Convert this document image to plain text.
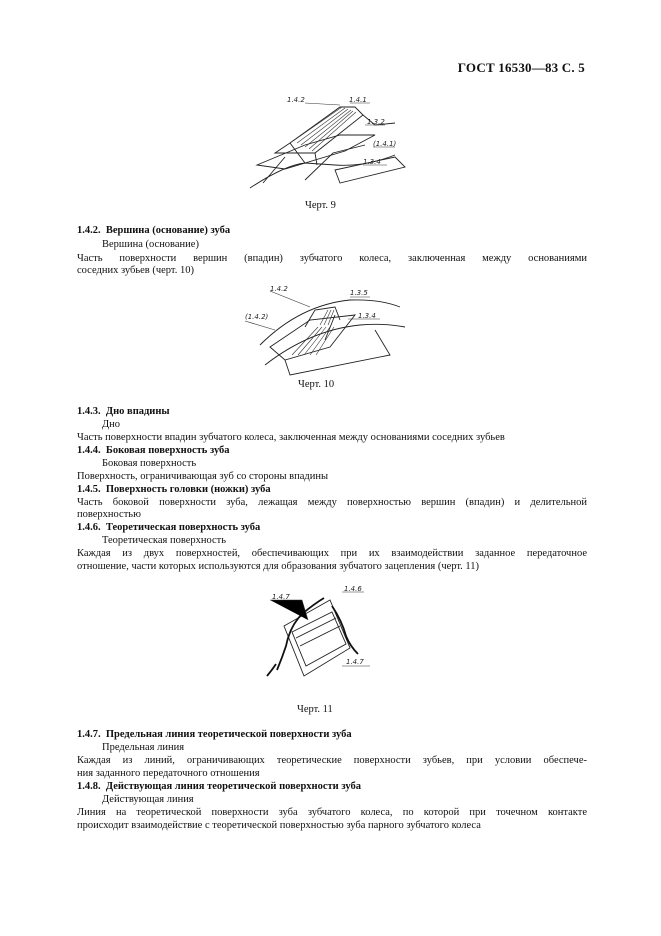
ГОСТ 16530—83 С. 5
1.4.2	1.4.1
1.3.2
(1.4.1)
1.3.4
Черт. 9
1.4.2. Вершина (основание) зуба
Вершина (основание)
Часть поверхности вершин (впадин) зубчатого колеса, заключенная между основаниями
соседних зубьев (черт. 10)
1.4.2	1.3.5
(1.4.2)	1.3.4
Черт. 10
1.4.3. Дно впадины
Дно
Часть поверхности впадин зубчатого колеса, заключенная между основаниями соседних зубьев
1.4.4. Боковая поверхность зуба
Боковая поверхность
Поверхность, ограничивающая зуб со стороны впадины
1.4.5. Поверхность головки (ножки) зуба
Часть боковой поверхности зуба, лежащая между поверхностью вершин (впадин) и делительной
поверхностью
1.4.6. Теоретическая поверхность зуба
Теоретическая поверхность
Каждая из двух поверхностей, обеспечивающих при их взаимодействии заданное передаточное
отношение, части которых используются для образования зубчатого зацепления (черт. 11)
1.4.7
1.4.6
1.4.7
Черт. 11
1.4.7. Предельная линия теоретической поверхности зуба
Предельная линия
Каждая из линий, ограничивающих теоретические поверхности зубьев, при условии обеспече-
ния заданного передаточного отношения
1.4.8. Действующая линия теоретической поверхности зуба
Действующая линия
Линия на теоретической поверхности зуба зубчатого колеса, по которой при точечном контакте
происходит взаимодействие с теоретической поверхностью зуба парного зубчатого колеса
